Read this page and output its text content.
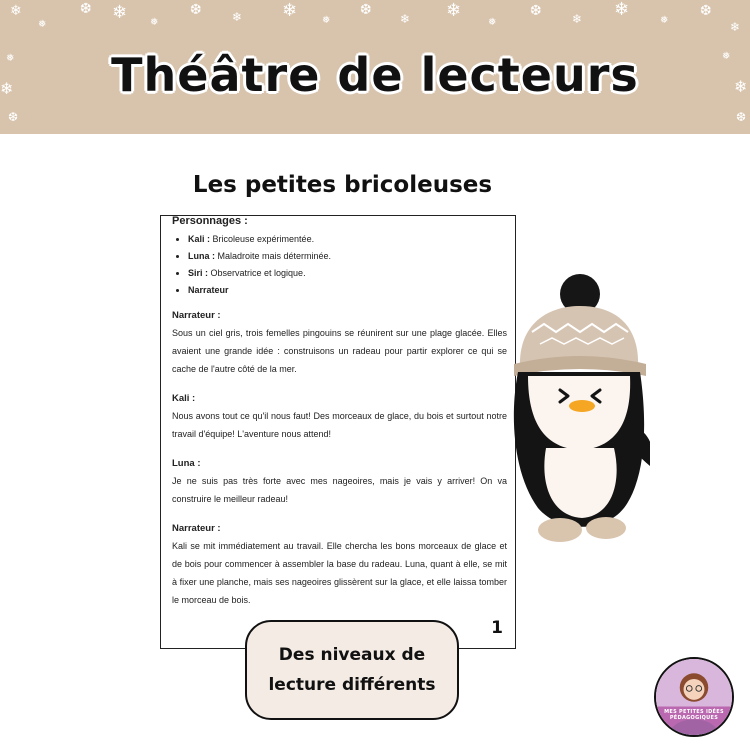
❄
❅
❆ ❄ ❅
❆	❄ ❄ ❅
❆
❄ ❄
❅
❆	❄ ❄
❅
❆
❄
❅
❄
❆
❅
❄
❆
Théâtre de lecteurs
Les petites bricoleuses

Personnages :

• Kali : Bricoleuse expérimentée.
• Luna : Maladroite mais déterminée.
• Siri : Observatrice et logique.
• Narrateur
Narrateur :

Sous un ciel gris, trois femelles pingouins se réunirent sur une plage glacée. Elles avaient une grande idée : construisons un radeau pour partir explorer ce qui se cache de l'autre côté de la mer.

Kali :

Nous avons tout ce qu'il nous faut! Des morceaux de glace, du bois et surtout notre travail d'équipe! L'aventure nous attend!

Luna :

Je ne suis pas très forte avec mes nageoires, mais je vais y arriver! On va construire le meilleur radeau!

Narrateur :

Kali se mit immédiatement au travail. Elle chercha les bons morceaux de glace et de bois pour commencer à assembler la base du radeau. Luna, quant à elle, se mit à fixer une planche, mais ses nageoires glissèrent sur la glace, et elle laissa tomber le morceau de bois.

1
Des niveaux de
lecture différents
MES PETITES IDÉES PÉDAGOGIQUES
